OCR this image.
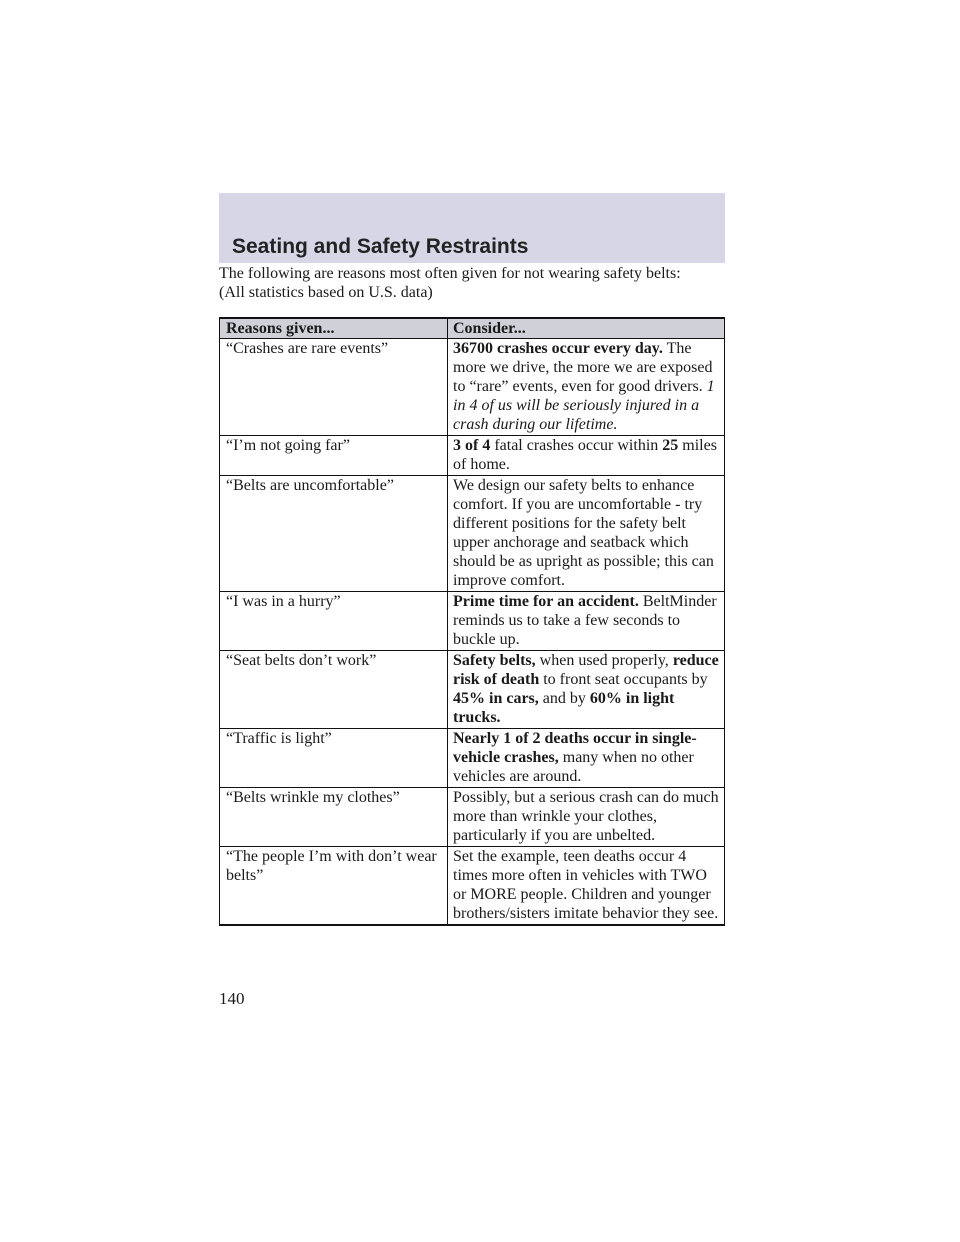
Seating and Safety Restraints
The following are reasons most often given for not wearing safety belts:
(All statistics based on U.S. data)
Reasons given...	Consider...
“Crashes are rare events”	36700 crashes occur every day. The more we drive, the more we are exposed to “rare” events, even for good drivers. 1 in 4 of us will be seriously injured in a crash during our lifetime.
“I’m not going far”	3 of 4 fatal crashes occur within 25 miles of home.
“Belts are uncomfortable”	We design our safety belts to enhance comfort. If you are uncomfortable - try different positions for the safety belt upper anchorage and seatback which should be as upright as possible; this can improve comfort.
“I was in a hurry”	Prime time for an accident. BeltMinder reminds us to take a few seconds to buckle up.
“Seat belts don’t work”	Safety belts, when used properly, reduce risk of death to front seat occupants by 45% in cars, and by 60% in light trucks.
“Traffic is light”	Nearly 1 of 2 deaths occur in single-vehicle crashes, many when no other vehicles are around.
“Belts wrinkle my clothes”	Possibly, but a serious crash can do much more than wrinkle your clothes, particularly if you are unbelted.
“The people I’m with don’t wear belts”	Set the example, teen deaths occur 4 times more often in vehicles with TWO or MORE people. Children and younger brothers/sisters imitate behavior they see.
140
